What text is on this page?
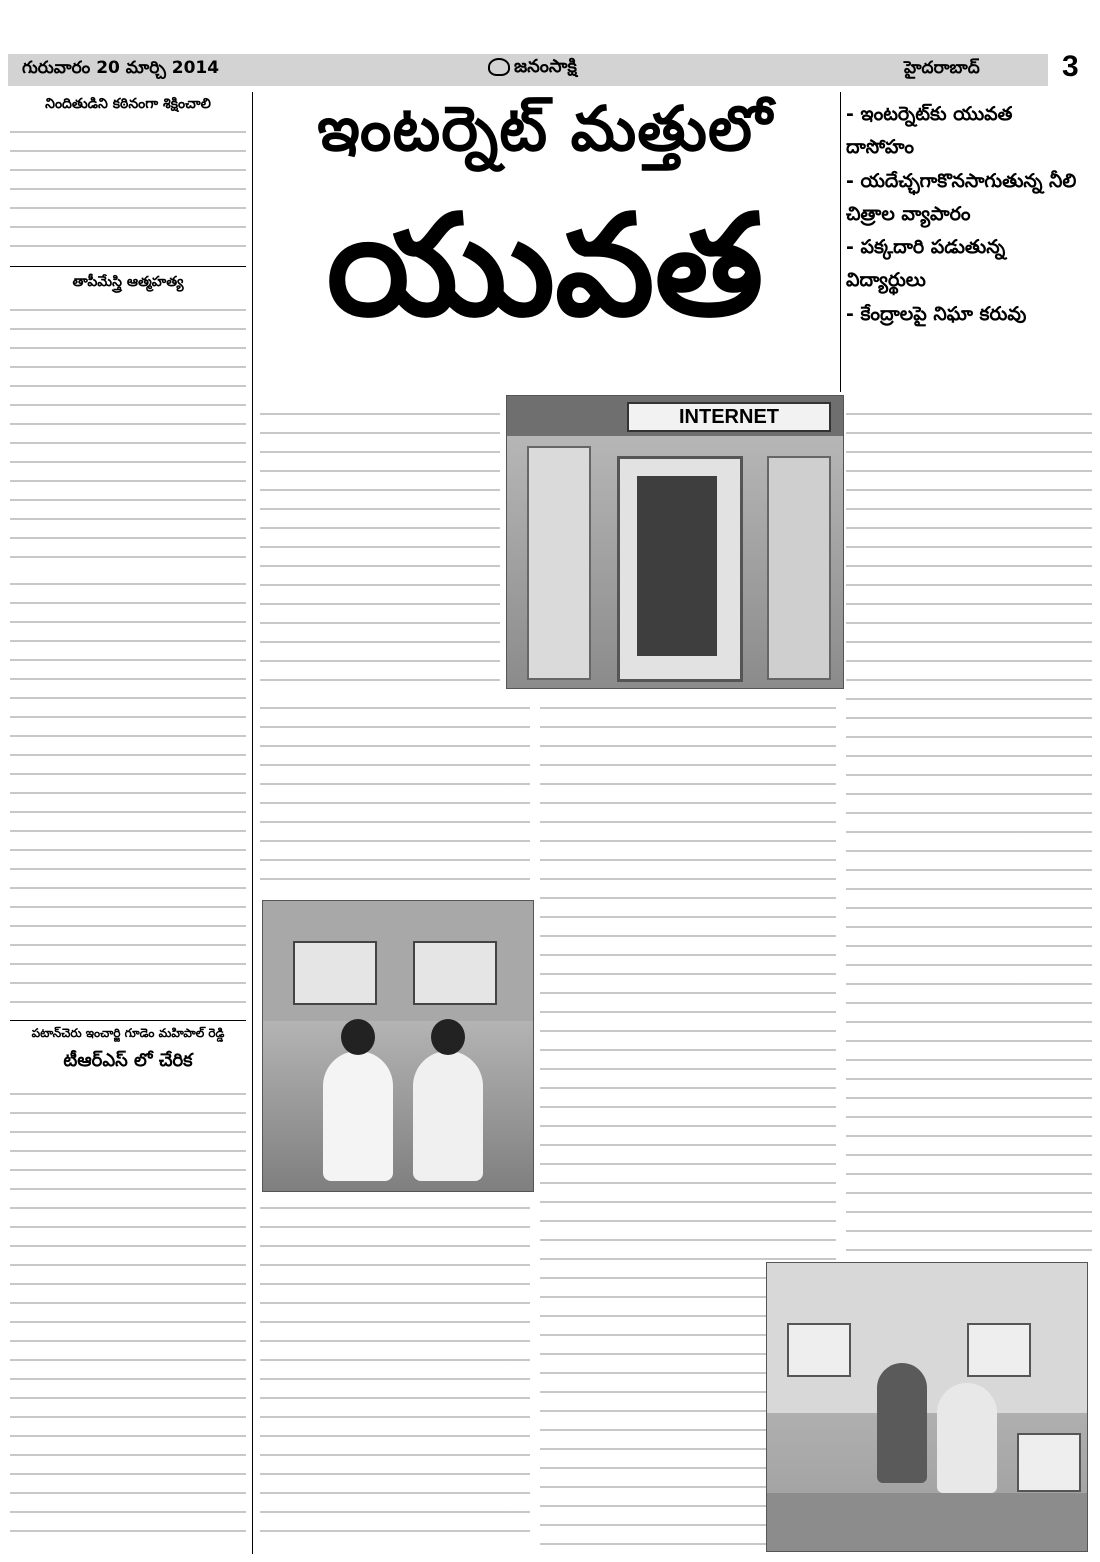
గురువారం 20 మార్చి 2014	జనంసాక్షి	హైదరాబాద్	3
నిందితుడిని కఠినంగా శిక్షించాలి
తాపీమేస్త్రి ఆత్మహత్య
పటాన్‌చెరు ఇంచార్జి గూడెం మహిపాల్‌ రెడ్డి
టీఆర్‌ఎస్‌ లో చేరిక
ఇంటర్నెట్‌ మత్తులో
యువత
- ఇంటర్నెట్‌కు యువత దాసోహం
- యదేచ్ఛగాకొనసాగుతున్న నీలి చిత్రాల వ్యాపారం
- పక్కదారి పడుతున్న విద్యార్థులు
- కేంద్రాలపై నిఘా కరువు
INTERNET
